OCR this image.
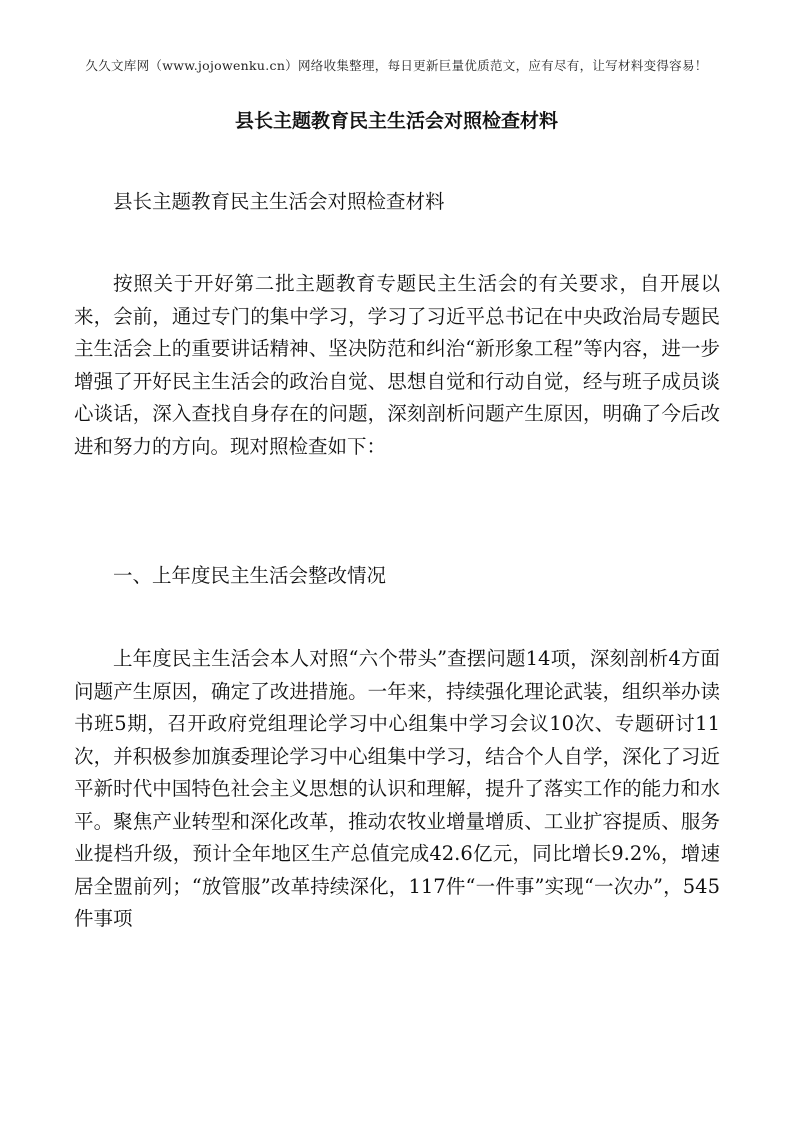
久久文库网（www.jojowenku.cn）网络收集整理，每日更新巨量优质范文，应有尽有，让写材料变得容易！
县长主题教育民主生活会对照检查材料
县长主题教育民主生活会对照检查材料
按照关于开好第二批主题教育专题民主生活会的有关要求，自开展以来，会前，通过专门的集中学习，学习了习近平总书记在中央政治局专题民主生活会上的重要讲话精神、坚决防范和纠治“新形象工程”等内容，进一步增强了开好民主生活会的政治自觉、思想自觉和行动自觉，经与班子成员谈心谈话，深入查找自身存在的问题，深刻剖析问题产生原因，明确了今后改进和努力的方向。现对照检查如下：
一、上年度民主生活会整改情况
上年度民主生活会本人对照“六个带头”查摆问题14项，深刻剖析4方面问题产生原因，确定了改进措施。一年来，持续强化理论武装，组织举办读书班5期，召开政府党组理论学习中心组集中学习会议10次、专题研讨11次，并积极参加旗委理论学习中心组集中学习，结合个人自学，深化了习近平新时代中国特色社会主义思想的认识和理解，提升了落实工作的能力和水平。聚焦产业转型和深化改革，推动农牧业增量增质、工业扩容提质、服务业提档升级，预计全年地区生产总值完成42.6亿元，同比增长9.2%，增速居全盟前列；“放管服”改革持续深化，117件“一件事”实现“一次办”，545件事项
